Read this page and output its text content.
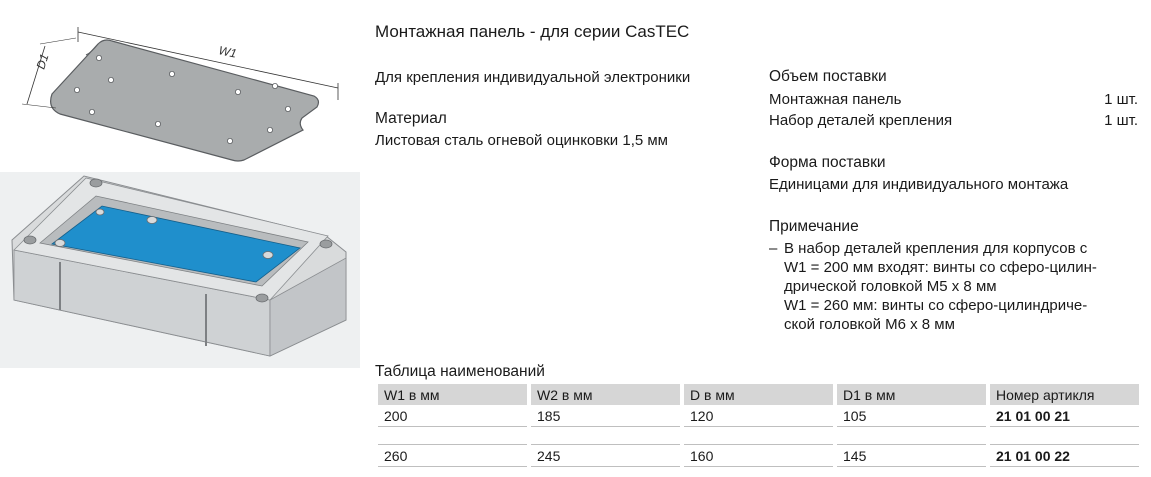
W1
D1
Монтажная панель - для серии CasTEC
Для крепления индивидуальной электроники
Материал
Листовая сталь огневой оцинковки 1,5 мм
Объем поставки
Монтажная панель	1 шт.
Набор деталей крепления	1 шт.
Форма поставки
Единицами для индивидуального монтажа
Примечание
– В набор деталей крепления для корпусов с
W1 = 200 мм входят: винты со сферо-цилин-
дрической головкой M5 x 8 мм
W1 = 260 мм: винты со сферо-цилиндриче-
ской головкой M6 x 8 мм
Таблица наименований
W1 в мм	W2 в мм	D в мм	D1 в мм	Номер артикля
200	185	120	105	21 01 00 21

260	245	160	145	21 01 00 22
